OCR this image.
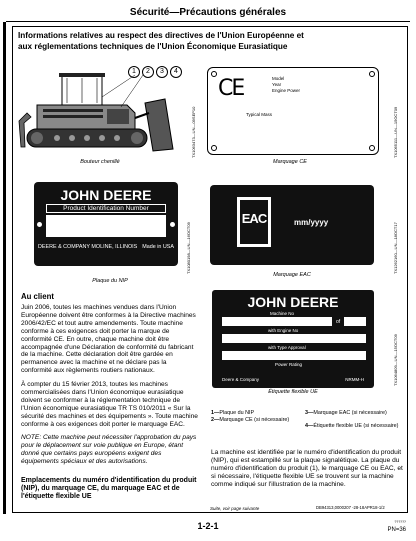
Sécurité—Précautions générales
Informations relatives au respect des directives de l'Union Européenne et aux réglementations techniques de l'Union Économique Eurasiatique
1	2	3	4
TX1063473—UN—09SEP10
Bouteur chenillé
CE	Model
Year
Engine Power
Typical Mass	TX1065111—UN—15OCT09
Marquage CE
JOHN DEERE
Product Identification Number
DEERE & COMPANY MOLINE, ILLINOIS Made in USA	TX1080198—UN—16OCT09
Plaque du NIP
EAC	mm/yyyy	TX1262160—UN—18OCT17
Marquage EAC
Au client
Juin 2006, toutes les machines vendues dans l'Union Européenne doivent être conformes à la Directive machines 2006/42/EC et tout autre amendements. Toute machine conforme à ces exigences doit porter la marque de conformité CE. En outre, chaque machine doit être accompagnée d'une Déclaration de conformité du fabricant de la machine. Cette déclaration doit être gardée en permanence avec la machine et ne déclare pas la conformité aux règlements routiers nationaux.
À compter du 15 février 2013, toutes les machines commercialisées dans l'Union économique eurasiatique doivent se conformer à la réglementation technique de l'Union économique eurasiatique TR TS 010/2011 « Sur la sécurité des machines et des équipements ». Toute machine conforme à ces exigences doit porter le marquage EAC.
NOTE: Cette machine peut nécessiter l'approbation du pays pour le déplacement sur voie publique en Europe, étant donné que certains pays européens exigent des équipements spéciaux et des autorisations.
Emplacements du numéro d'identification du produit (NIP), du marquage CE, du marquage EAC et de l'étiquette flexible UE
JOHN DEERE
Machine No
of
with Engine No
with Type Approval
Power Rating
Deere & Company	NRMM-H	TX1064809—UN—15OCT09
Étiquette flexible UE
1—Plaque du NIP
2—Marquage CE (si nécessaire)
3—Marquage EAC (si nécessaire)
4—Étiquette flexible UE (si nécessaire)
La machine est identifiée par le numéro d'identification du produit (NIP), qui est estampillé sur la plaque signalétique. La plaque du numéro d'identification du produit (1), le marquage CE ou EAC, et si nécessaire, l'étiquette flexible UE se trouvent sur la machine comme indiqué sur l'illustration de la machine.
Suite, voir page suivante	DB94313,0000207 -28-18APR18-1/2
1-2-1	??????
PN=36
